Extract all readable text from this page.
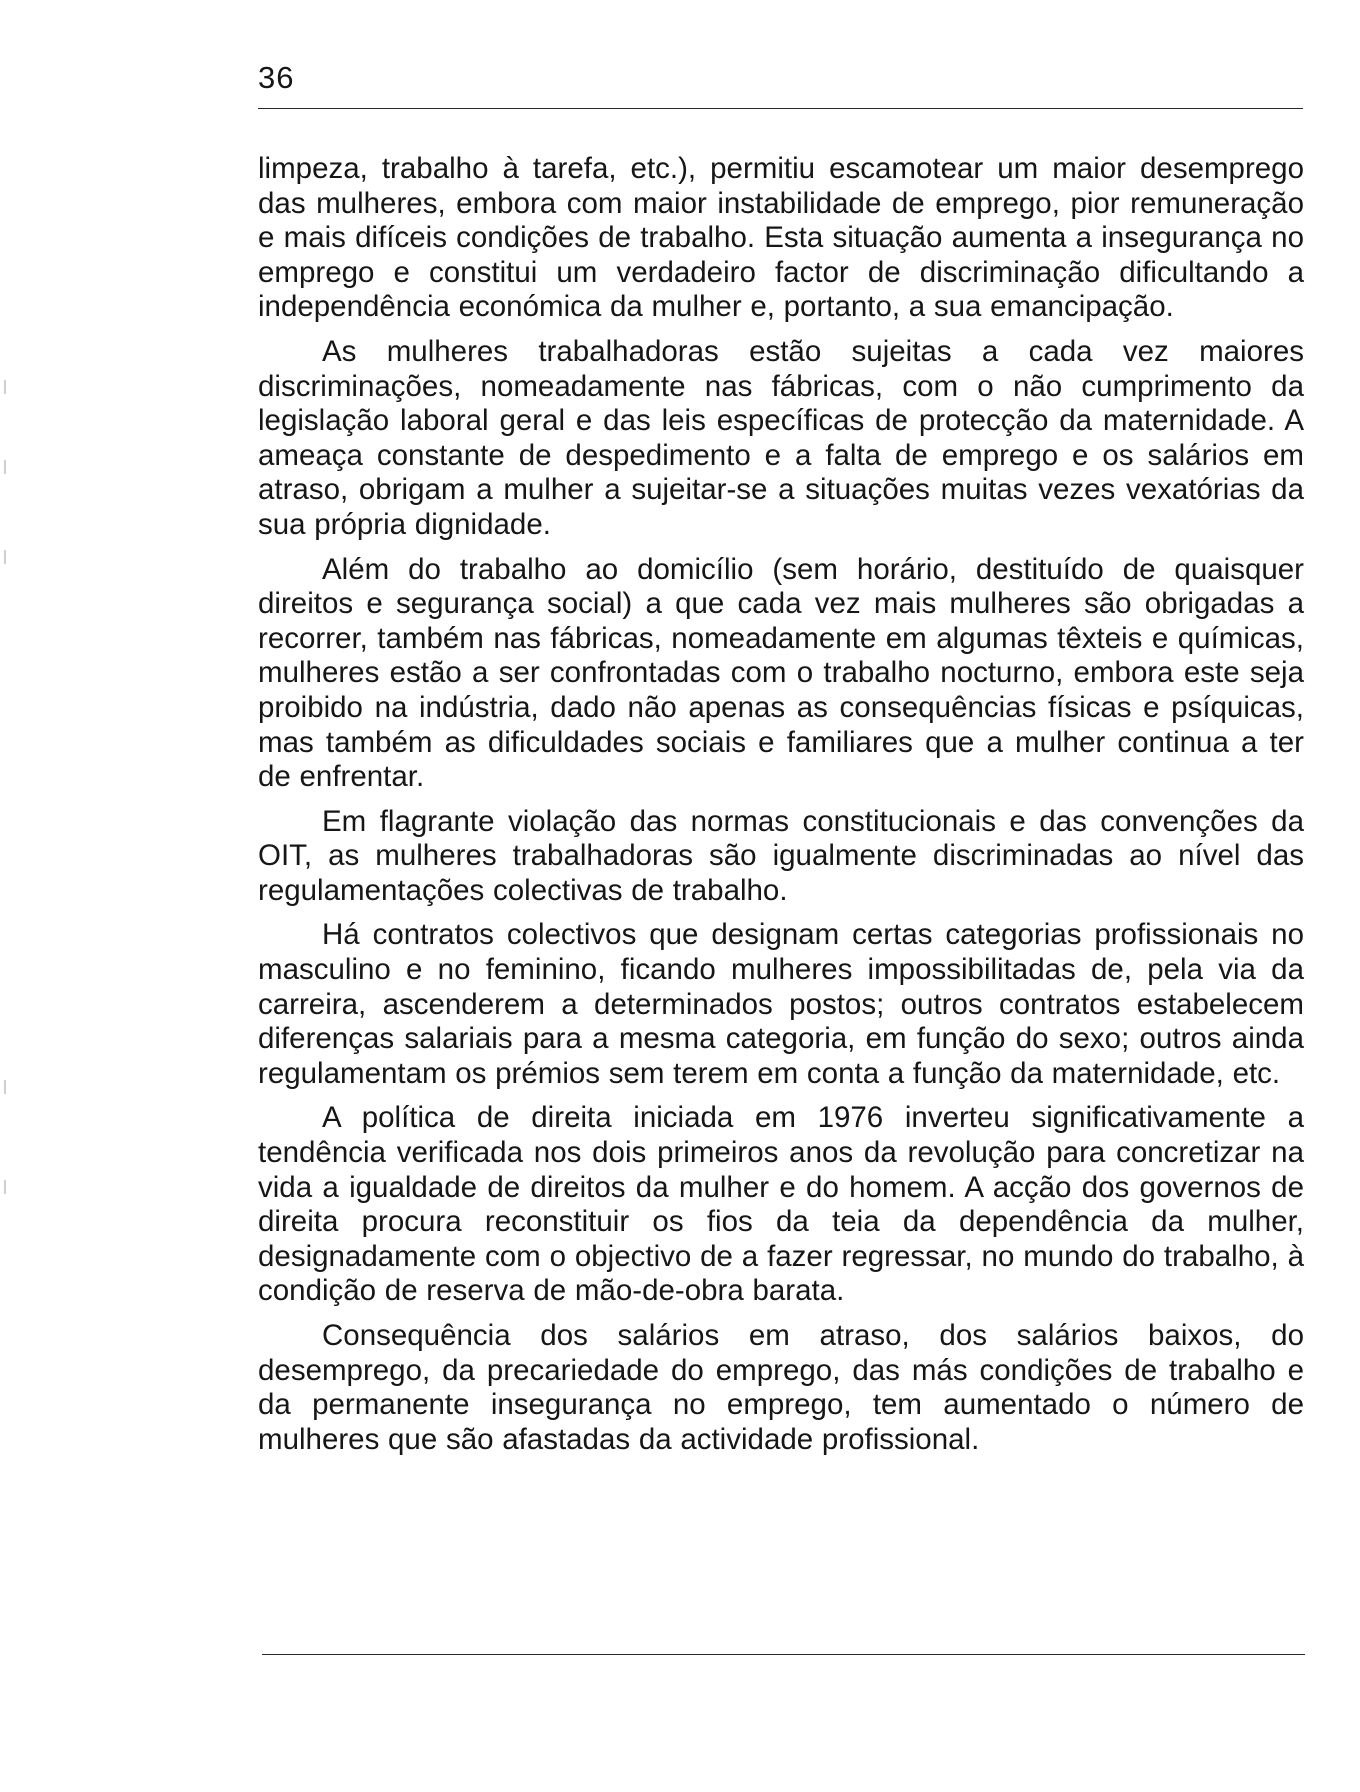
36

limpeza, trabalho à tarefa, etc.), permitiu escamotear um maior desemprego das mulheres, embora com maior instabilidade de emprego, pior remuneração e mais difíceis condições de trabalho. Esta situação aumenta a insegurança no emprego e constitui um verdadeiro factor de discriminação dificultando a independência económica da mulher e, portanto, a sua emancipação.

As mulheres trabalhadoras estão sujeitas a cada vez maiores discriminações, nomeadamente nas fábricas, com o não cumprimento da legislação laboral geral e das leis específicas de protecção da maternidade. A ameaça constante de despedimento e a falta de emprego e os salários em atraso, obrigam a mulher a sujeitar-se a situações muitas vezes vexatórias da sua própria dignidade.

Além do trabalho ao domicílio (sem horário, destituído de quaisquer direitos e segurança social) a que cada vez mais mulheres são obrigadas a recorrer, também nas fábricas, nomeadamente em algumas têxteis e químicas, mulheres estão a ser confrontadas com o trabalho nocturno, embora este seja proibido na indústria, dado não apenas as consequências físicas e psíquicas, mas também as dificuldades sociais e familiares que a mulher continua a ter de enfrentar.

Em flagrante violação das normas constitucionais e das convenções da OIT, as mulheres trabalhadoras são igualmente discriminadas ao nível das regulamentações colectivas de trabalho.

Há contratos colectivos que designam certas categorias profissionais no masculino e no feminino, ficando mulheres impossibilitadas de, pela via da carreira, ascenderem a determinados postos; outros contratos estabelecem diferenças salariais para a mesma categoria, em função do sexo; outros ainda regulamentam os prémios sem terem em conta a função da maternidade, etc.

A política de direita iniciada em 1976 inverteu significativamente a tendência verificada nos dois primeiros anos da revolução para concretizar na vida a igualdade de direitos da mulher e do homem. A acção dos governos de direita procura reconstituir os fios da teia da dependência da mulher, designadamente com o objectivo de a fazer regressar, no mundo do trabalho, à condição de reserva de mão-de-obra barata.

Consequência dos salários em atraso, dos salários baixos, do desemprego, da precariedade do emprego, das más condições de trabalho e da permanente insegurança no emprego, tem aumentado o número de mulheres que são afastadas da actividade profissional.
